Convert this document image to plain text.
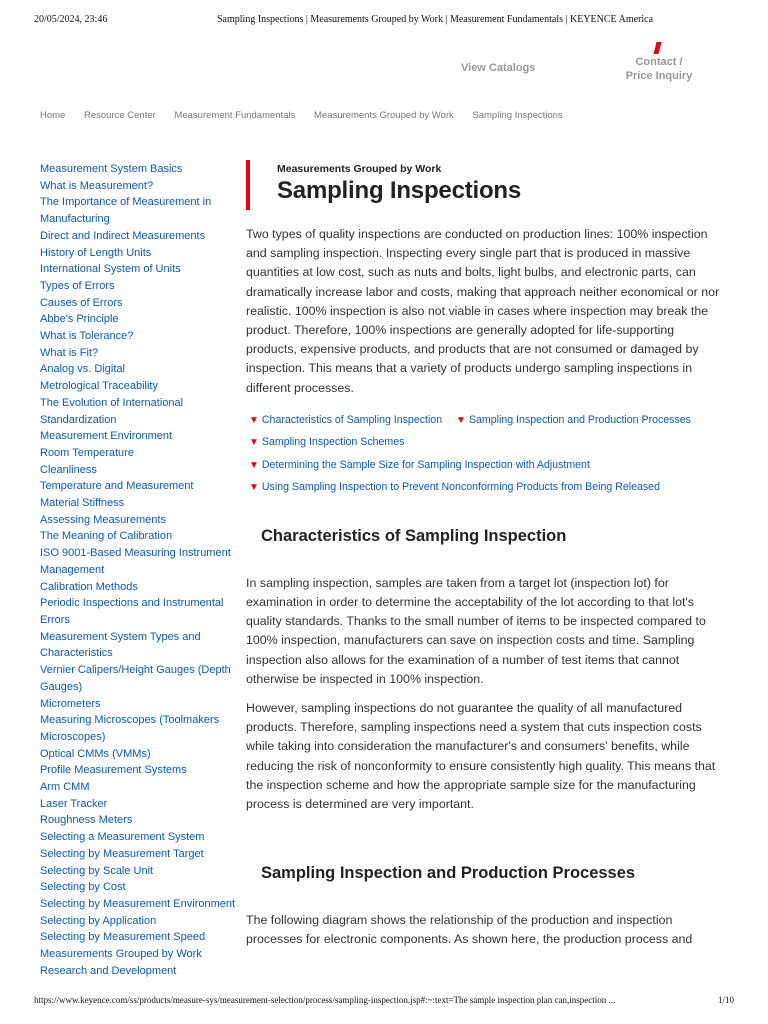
20/05/2024, 23:46	Sampling Inspections | Measurements Grouped by Work | Measurement Fundamentals | KEYENCE America
View Catalogs	Contact /
Price Inquiry
Home Resource Center Measurement Fundamentals Measurements Grouped by Work Sampling Inspections
Measurement System Basics
What is Measurement?
The Importance of Measurement in Manufacturing
Direct and Indirect Measurements
History of Length Units
International System of Units
Types of Errors
Causes of Errors
Abbe's Principle
What is Tolerance?
What is Fit?
Analog vs. Digital
Metrological Traceability
The Evolution of International Standardization
Measurement Environment
Room Temperature
Cleanliness
Temperature and Measurement
Material Stiffness
Assessing Measurements
The Meaning of Calibration
ISO 9001-Based Measuring Instrument Management
Calibration Methods
Periodic Inspections and Instrumental Errors
Measurement System Types and Characteristics
Vernier Calipers/Height Gauges (Depth Gauges)
Micrometers
Measuring Microscopes (Toolmakers Microscopes)
Optical CMMs (VMMs)
Profile Measurement Systems
Arm CMM
Laser Tracker
Roughness Meters
Selecting a Measurement System
Selecting by Measurement Target
Selecting by Scale Unit
Selecting by Cost
Selecting by Measurement Environment
Selecting by Application
Selecting by Measurement Speed
Measurements Grouped by Work
Research and Development
Measurements Grouped by Work
Sampling Inspections

Two types of quality inspections are conducted on production lines: 100% inspection and sampling inspection. Inspecting every single part that is produced in massive quantities at low cost, such as nuts and bolts, light bulbs, and electronic parts, can dramatically increase labor and costs, making that approach neither economical or nor realistic. 100% inspection is also not viable in cases where inspection may break the product. Therefore, 100% inspections are generally adopted for life-supporting products, expensive products, and products that are not consumed or damaged by inspection. This means that a variety of products undergo sampling inspections in different processes.

▼ Characteristics of Sampling Inspection ▼ Sampling Inspection and Production Processes
▼ Sampling Inspection Schemes
▼ Determining the Sample Size for Sampling Inspection with Adjustment
▼ Using Sampling Inspection to Prevent Nonconforming Products from Being Released
Characteristics of Sampling Inspection

In sampling inspection, samples are taken from a target lot (inspection lot) for examination in order to determine the acceptability of the lot according to that lot's quality standards. Thanks to the small number of items to be inspected compared to 100% inspection, manufacturers can save on inspection costs and time. Sampling inspection also allows for the examination of a number of test items that cannot otherwise be inspected in 100% inspection.

However, sampling inspections do not guarantee the quality of all manufactured products. Therefore, sampling inspections need a system that cuts inspection costs while taking into consideration the manufacturer's and consumers' benefits, while reducing the risk of nonconformity to ensure consistently high quality. This means that the inspection scheme and how the appropriate sample size for the manufacturing process is determined are very important.

Sampling Inspection and Production Processes

The following diagram shows the relationship of the production and inspection processes for electronic components. As shown here, the production process and

https://www.keyence.com/ss/products/measure-sys/measurement-selection/process/sampling-inspection.jsp#:~:text=The sample inspection plan can,inspection ...	1/10
